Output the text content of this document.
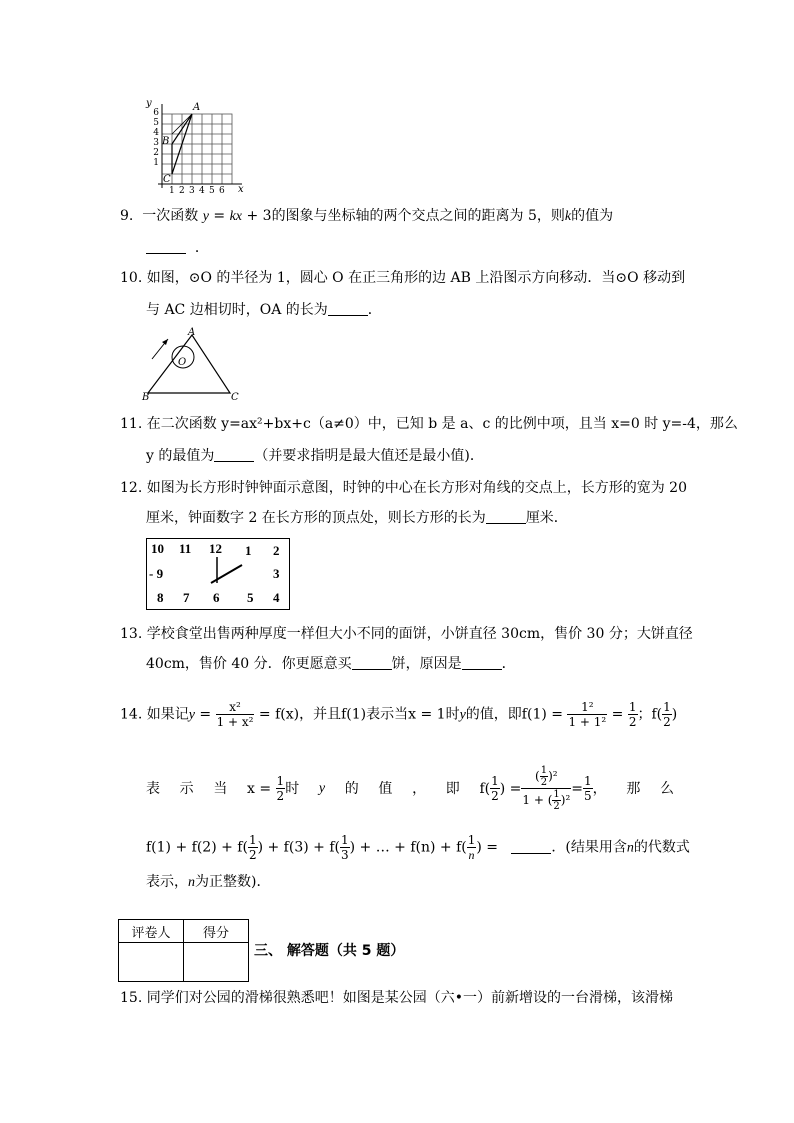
y
x
6
5
4
3
2
1
1 2 3 4 5 6
A
B
C
9. 一次函数 y = kx + 3的图象与坐标轴的两个交点之间的距离为 5，则k的值为
．
10. 如图，⊙O 的半径为 1，圆心 O 在正三角形的边 AB 上沿图示方向移动．当⊙O 移动到
与 AC 边相切时，OA 的长为	．
A
B	C
O
11. 在二次函数 y=ax²+bx+c（a≠0）中，已知 b 是 a、c 的比例中项，且当 x=0 时 y=-4，那么
y 的最值为	（并要求指明是最大值还是最小值)．
12. 如图为长方形时钟钟面示意图，时钟的中心在长方形对角线的交点上，长方形的宽为 20
厘米，钟面数字 2 在长方形的顶点处，则长方形的长为	厘米．
10 11 12 1 2
- 9	3
8 7 6 5 4
13. 学校食堂出售两种厚度一样但大小不同的面饼，小饼直径 30cm，售价 30 分；大饼直径
40cm，售价 40 分．你更愿意买	饼，原因是	．
14. 如果记$y = \frac{\text{x²}}{\text{1 + x²}} = f(x)$，并且f(1)表示当x = 1时y的值，即$f(1) = \frac{\text{1²}}{\text{1 + 1²}} = \frac{1}{2}$ ；$f( \frac{1}{2}$ )
表 示 当 $x = \frac{1}{2}$ 时 y 的 值 ， 即 $f( \frac{1}{2}$ ) = $\frac{( \frac{1}{2} )^2}{1 + ( \frac{1}{2} )^2} = \frac{1}{5}$ ， 那 么
$f(1) + f(2) + f( \frac{1}{2}$ ) + $f(3) + f( \frac{1}{3}$ ) + … + $f(n) + f( \frac{1}{n}$ ) =	．(结果用含n的代数式
表示，n为正整数)．
评卷人	得分

三、 解答题（共 5 题）
15. 同学们对公园的滑梯很熟悉吧！如图是某公园（六•一）前新增设的一台滑梯，该滑梯
